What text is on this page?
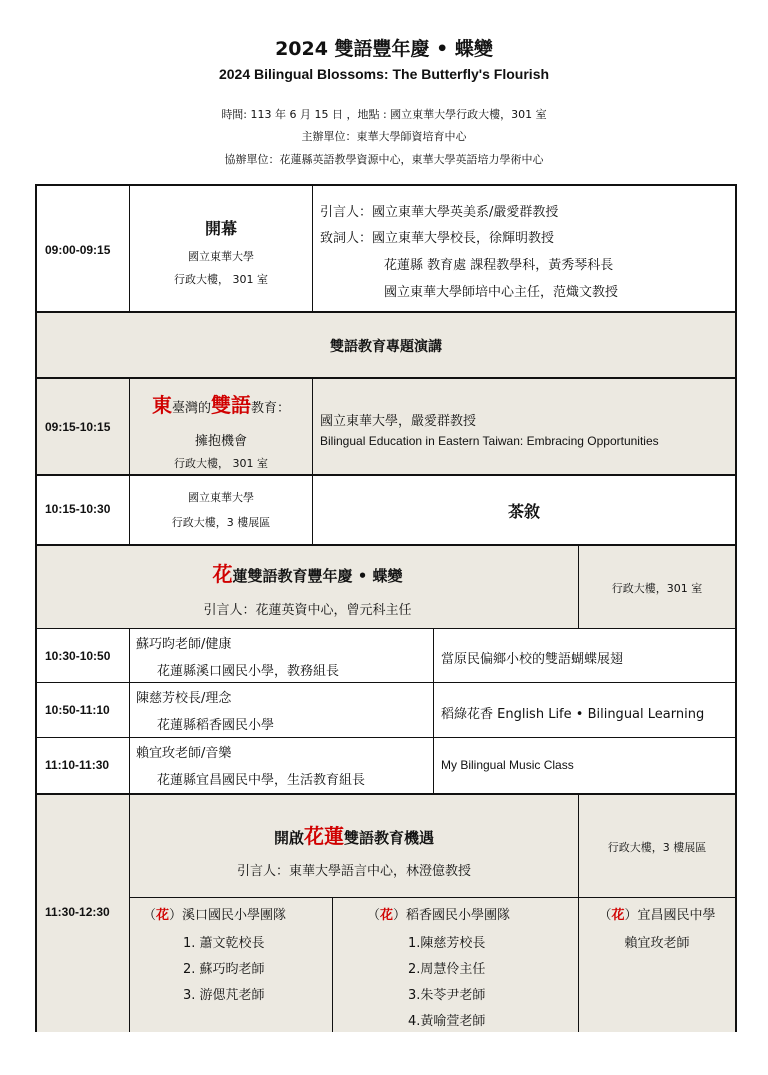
2024 雙語豐年慶 • 蝶變
2024 Bilingual Blossoms: The Butterfly's Flourish
時間: 113 年 6 月 15 日 ，地點 : 國立東華大學行政大樓，301 室
主辦單位：東華大學師資培育中心
協辦單位：花蓮縣英語教學資源中心，東華大學英語培力學術中心
09:00-09:15
開幕
國立東華大學
行政大樓， 301 室
引言人：國立東華大學英美系/嚴愛群教授
致詞人：國立東華大學校長，徐輝明教授
花蓮縣 教育處 課程教學科，黃秀琴科長
國立東華大學師培中心主任，范熾文教授
雙語教育專題演講
09:15-10:15
東臺灣的雙語教育：
擁抱機會
行政大樓， 301 室
國立東華大學，嚴愛群教授
Bilingual Education in Eastern Taiwan: Embracing Opportunities
10:15-10:30
國立東華大學
行政大樓，3 樓展區
茶敘
花蓮雙語教育豐年慶 • 蝶變
引言人：花蓮英資中心，曾元科主任
行政大樓，301 室
10:30-10:50
蘇巧昀老師/健康
花蓮縣溪口國民小學，教務組長
當原民偏鄉小校的雙語蝴蝶展翅
10:50-11:10
陳慈芳校長/理念
花蓮縣稻香國民小學
稻綠花香 English Life • Bilingual Learning
11:10-11:30
賴宜玫老師/音樂
花蓮縣宜昌國民中學，生活教育組長
My Bilingual Music Class
11:30-12:30
開啟花蓮雙語教育機遇
引言人：東華大學語言中心，林澄億教授
行政大樓，3 樓展區
（花）溪口國民小學團隊
1. 蕭文乾校長
2. 蘇巧昀老師
3. 游偲芃老師
（花）稻香國民小學團隊
1.陳慈芳校長
2.周慧伶主任
3.朱苓尹老師
4.黃喻萱老師
（花）宜昌國民中學
賴宜玫老師
